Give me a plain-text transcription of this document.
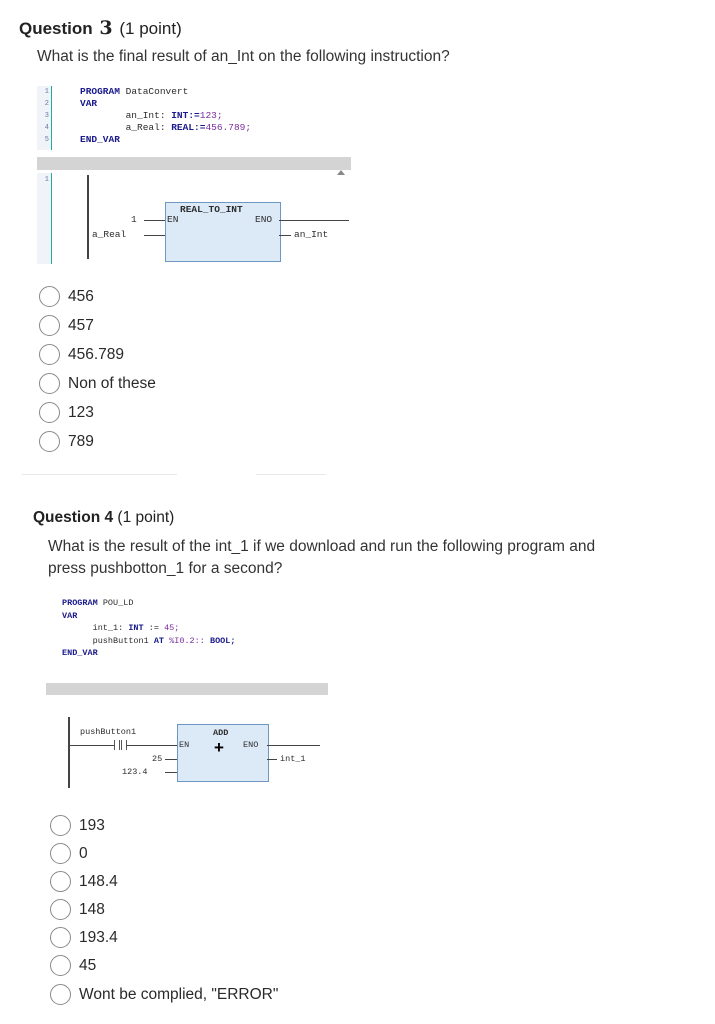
Question 3 (1 point)
What is the final result of an_Int on the following instruction?
1
2
3
4
5
PROGRAM DataConvert
VAR
an_Int: INT:=123;
a_Real: REAL:=456.789;
END_VAR
1
REAL_TO_INT
EN	ENO
1
a_Real	an_Int
456
457
456.789
Non of these
123
789
Question 4 (1 point)
What is the result of the int_1 if we download and run the following program and
press pushbotton_1 for a second?
PROGRAM POU_LD
VAR
int_1: INT := 45;
pushButton1 AT %I0.2:: BOOL;
END_VAR
pushButton1	ADD
+
EN	ENO
25
123.4
int_1
193
0
148.4
148
193.4
45
Wont be complied, "ERROR"
